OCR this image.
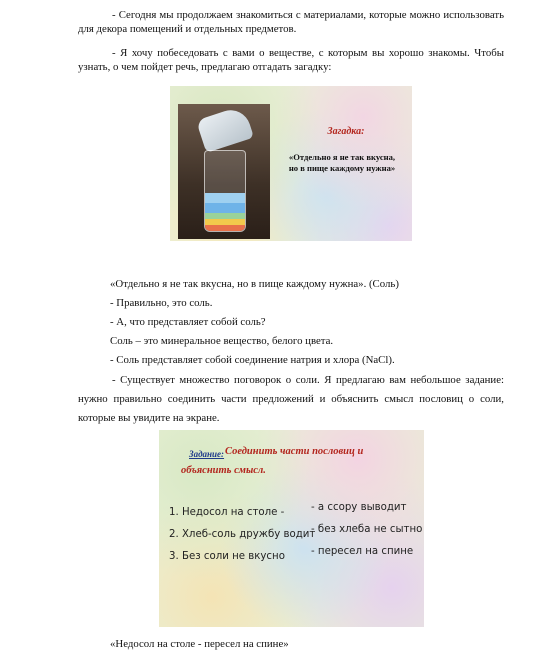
- Сегодня мы продолжаем знакомиться с материалами, которые можно использовать для декора помещений и отдельных предметов.
- Я хочу побеседовать с вами о веществе, с которым вы хорошо знакомы. Чтобы узнать, о чем пойдет речь, предлагаю отгадать загадку:
Загадка:
«Отдельно я не так вкусна,
но в пище каждому нужна»
«Отдельно я не так вкусна, но в пище каждому нужна». (Соль)
- Правильно, это соль.
- А, что представляет собой соль?
Соль – это минеральное вещество, белого цвета.
- Соль представляет собой соединение натрия и хлора (NaCl).
- Существует множество поговорок о соли. Я предлагаю вам небольшое задание: нужно правильно соединить части предложений и объяснить смысл пословиц о соли, которые вы увидите на экране.
Задание: Соединить части пословиц и
объяснить смысл.
1. Недосол на столе -
2. Хлеб-соль дружбу водит
3. Без соли не вкусно
- а ссору выводит
- без хлеба не сытно
- пересел на спине
«Недосол на столе - пересел на спине»
